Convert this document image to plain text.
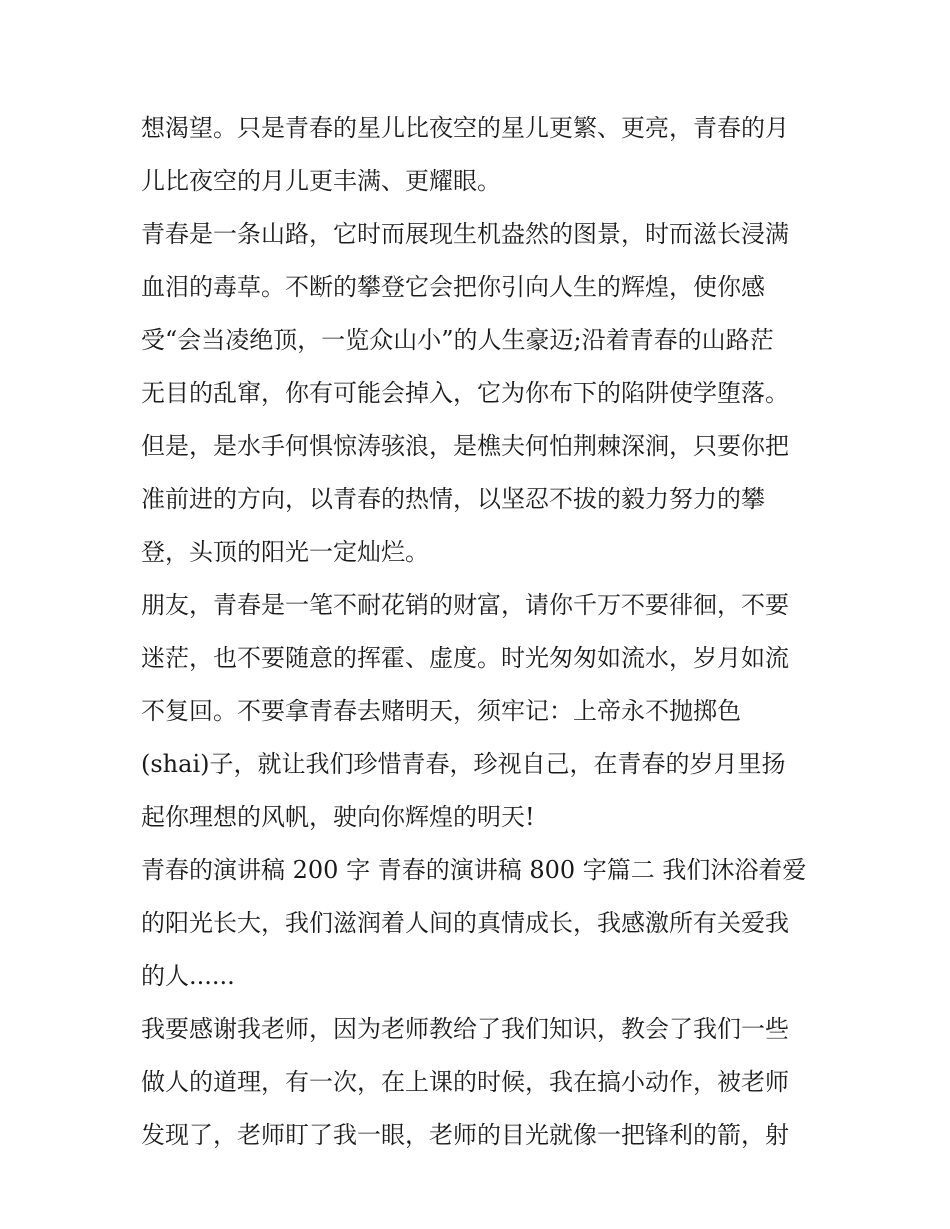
想渴望。只是青春的星儿比夜空的星儿更繁、更亮，青春的月
儿比夜空的月儿更丰满、更耀眼。
青春是一条山路，它时而展现生机盎然的图景，时而滋长浸满
血泪的毒草。不断的攀登它会把你引向人生的辉煌，使你感
受“会当凌绝顶，一览众山小”的人生豪迈;沿着青春的山路茫
无目的乱窜，你有可能会掉入，它为你布下的陷阱使学堕落。
但是，是水手何惧惊涛骇浪，是樵夫何怕荆棘深涧，只要你把
准前进的方向，以青春的热情，以坚忍不拔的毅力努力的攀
登，头顶的阳光一定灿烂。
朋友，青春是一笔不耐花销的财富，请你千万不要徘徊，不要
迷茫，也不要随意的挥霍、虚度。时光匆匆如流水，岁月如流
不复回。不要拿青春去赌明天，须牢记：上帝永不抛掷色
(shai)子，就让我们珍惜青春，珍视自己，在青春的岁月里扬
起你理想的风帆，驶向你辉煌的明天!
青春的演讲稿 200 字 青春的演讲稿 800 字篇二 我们沐浴着爱
的阳光长大，我们滋润着人间的真情成长，我感激所有关爱我
的人......
我要感谢我老师，因为老师教给了我们知识，教会了我们一些
做人的道理，有一次，在上课的时候，我在搞小动作，被老师
发现了，老师盯了我一眼，老师的目光就像一把锋利的箭，射
